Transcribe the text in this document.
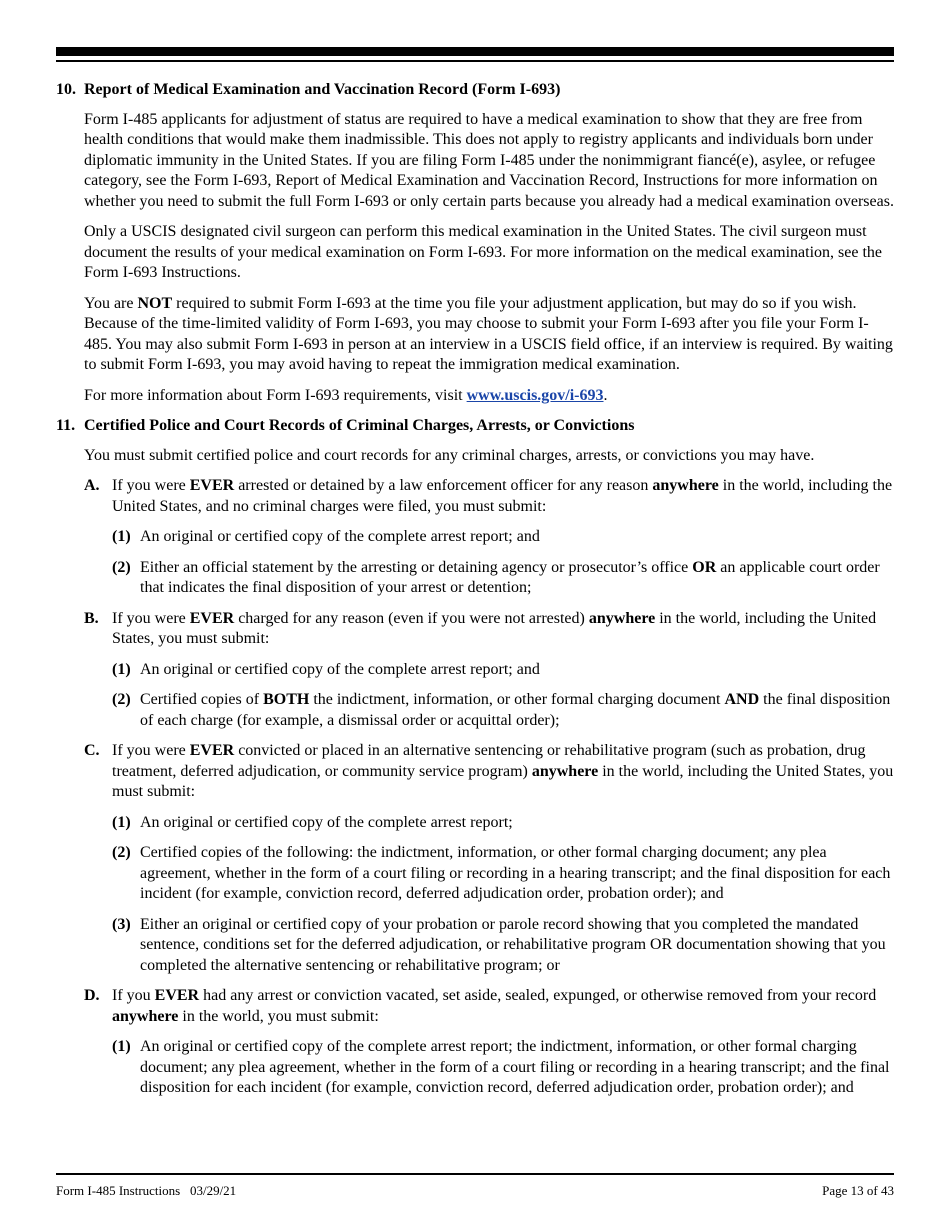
10. Report of Medical Examination and Vaccination Record (Form I-693)

Form I-485 applicants for adjustment of status are required to have a medical examination to show that they are free from health conditions that would make them inadmissible. This does not apply to registry applicants and individuals born under diplomatic immunity in the United States. If you are filing Form I-485 under the nonimmigrant fiancé(e), asylee, or refugee category, see the Form I-693, Report of Medical Examination and Vaccination Record, Instructions for more information on whether you need to submit the full Form I-693 or only certain parts because you already had a medical examination overseas.

Only a USCIS designated civil surgeon can perform this medical examination in the United States. The civil surgeon must document the results of your medical examination on Form I-693. For more information on the medical examination, see the Form I-693 Instructions.

You are NOT required to submit Form I-693 at the time you file your adjustment application, but may do so if you wish. Because of the time-limited validity of Form I-693, you may choose to submit your Form I-693 after you file your Form I-485. You may also submit Form I-693 in person at an interview in a USCIS field office, if an interview is required. By waiting to submit Form I-693, you may avoid having to repeat the immigration medical examination.

For more information about Form I-693 requirements, visit www.uscis.gov/i-693.

11. Certified Police and Court Records of Criminal Charges, Arrests, or Convictions

You must submit certified police and court records for any criminal charges, arrests, or convictions you may have.

A. If you were EVER arrested or detained by a law enforcement officer for any reason anywhere in the world, including the United States, and no criminal charges were filed, you must submit:
(1) An original or certified copy of the complete arrest report; and
(2) Either an official statement by the arresting or detaining agency or prosecutor’s office OR an applicable court order that indicates the final disposition of your arrest or detention;
B. If you were EVER charged for any reason (even if you were not arrested) anywhere in the world, including the United States, you must submit:
(1) An original or certified copy of the complete arrest report; and
(2) Certified copies of BOTH the indictment, information, or other formal charging document AND the final disposition of each charge (for example, a dismissal order or acquittal order);
C. If you were EVER convicted or placed in an alternative sentencing or rehabilitative program (such as probation, drug treatment, deferred adjudication, or community service program) anywhere in the world, including the United States, you must submit:
(1) An original or certified copy of the complete arrest report;
(2) Certified copies of the following: the indictment, information, or other formal charging document; any plea agreement, whether in the form of a court filing or recording in a hearing transcript; and the final disposition for each incident (for example, conviction record, deferred adjudication order, probation order); and
(3) Either an original or certified copy of your probation or parole record showing that you completed the mandated sentence, conditions set for the deferred adjudication, or rehabilitative program OR documentation showing that you completed the alternative sentencing or rehabilitative program; or
D. If you EVER had any arrest or conviction vacated, set aside, sealed, expunged, or otherwise removed from your record anywhere in the world, you must submit:
(1) An original or certified copy of the complete arrest report; the indictment, information, or other formal charging document; any plea agreement, whether in the form of a court filing or recording in a hearing transcript; and the final disposition for each incident (for example, conviction record, deferred adjudication order, probation order); and
Form I-485 Instructions   03/29/21	Page 13 of 43
